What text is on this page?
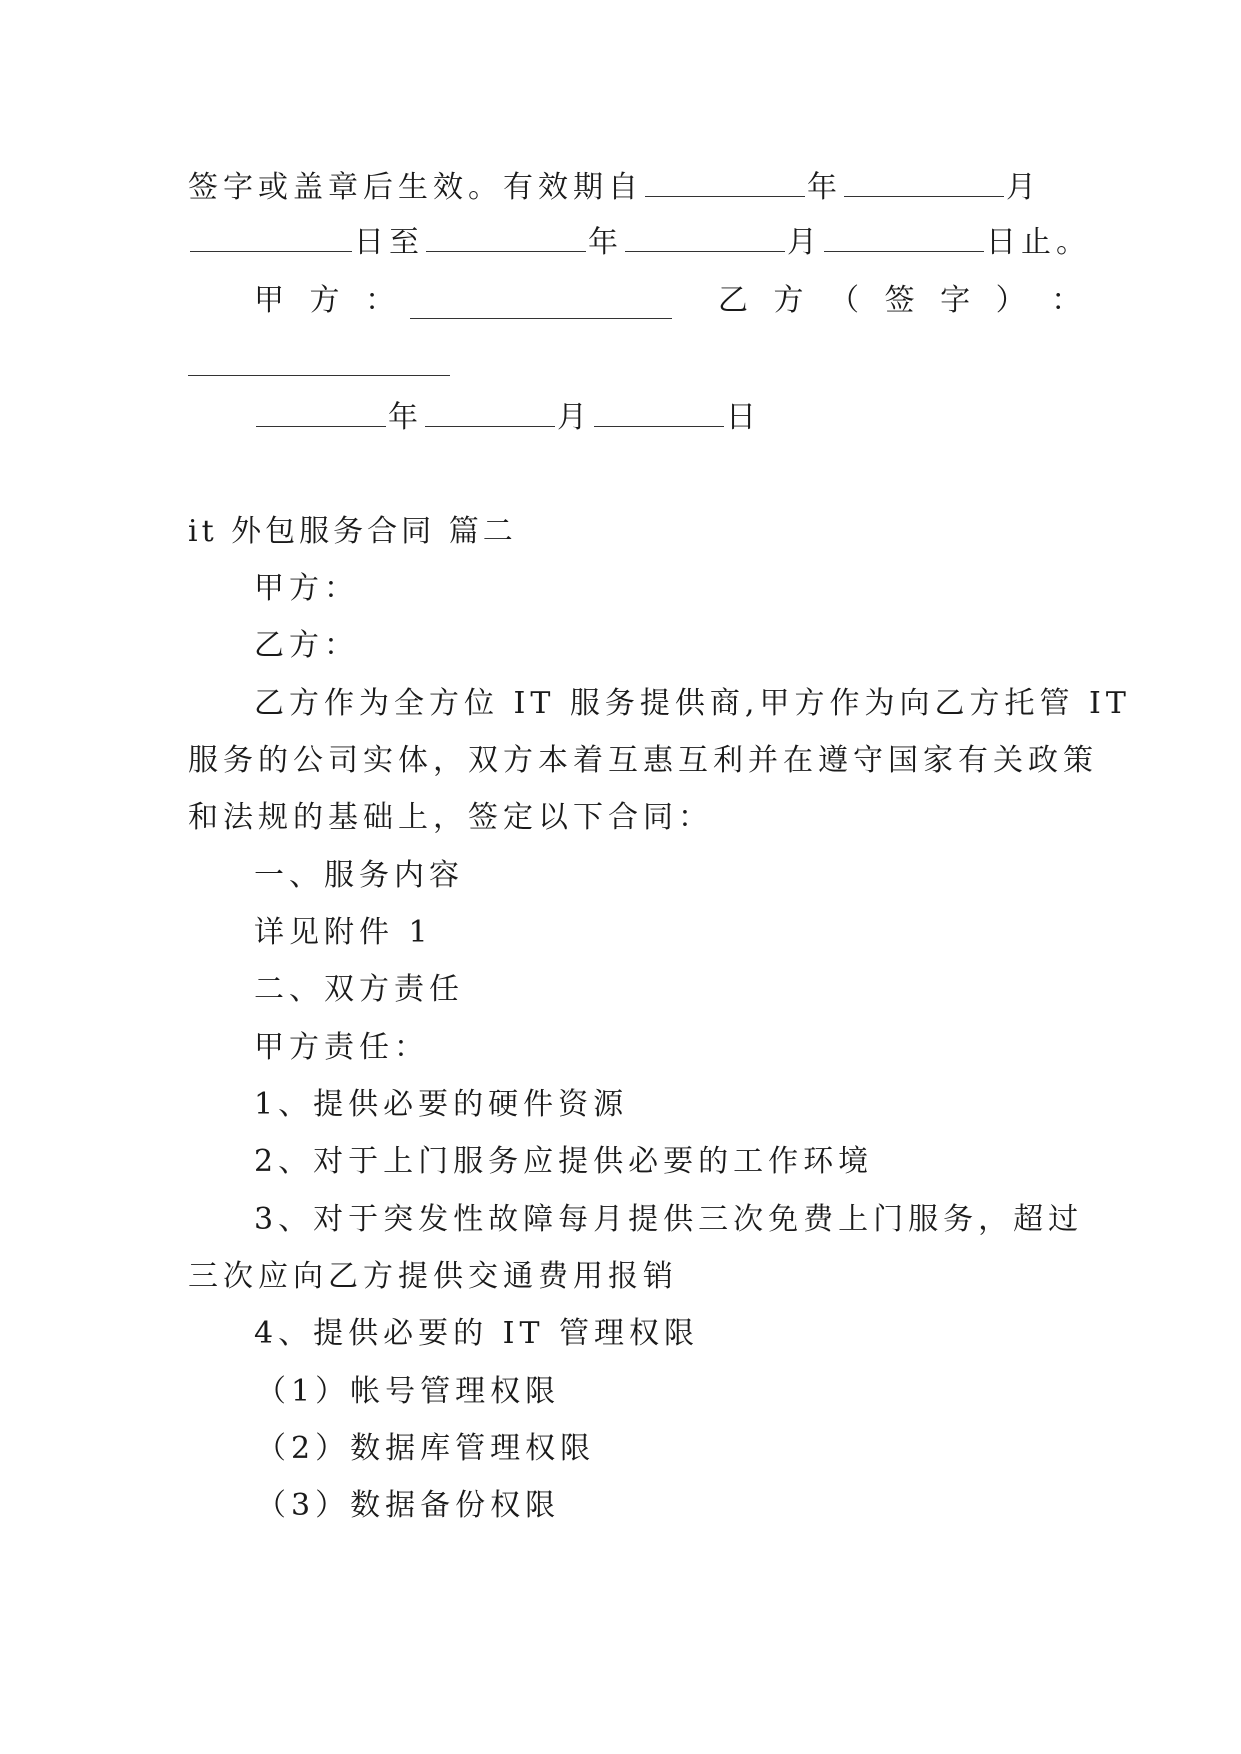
签字或盖章后生效。有效期自	年	月
日至	年	月	日止。
甲 方 ：	乙 方 （ 签 字 ） ：
年	月	日
it 外包服务合同 篇二
甲方：
乙方：
乙方作为全方位 IT 服务提供商,甲方作为向乙方托管 IT
服务的公司实体，双方本着互惠互利并在遵守国家有关政策
和法规的基础上，签定以下合同：
一、服务内容
详见附件 1
二、双方责任
甲方责任：
1、提供必要的硬件资源
2、对于上门服务应提供必要的工作环境
3、对于突发性故障每月提供三次免费上门服务，超过
三次应向乙方提供交通费用报销
4、提供必要的 IT 管理权限
（1）帐号管理权限
（2）数据库管理权限
（3）数据备份权限
